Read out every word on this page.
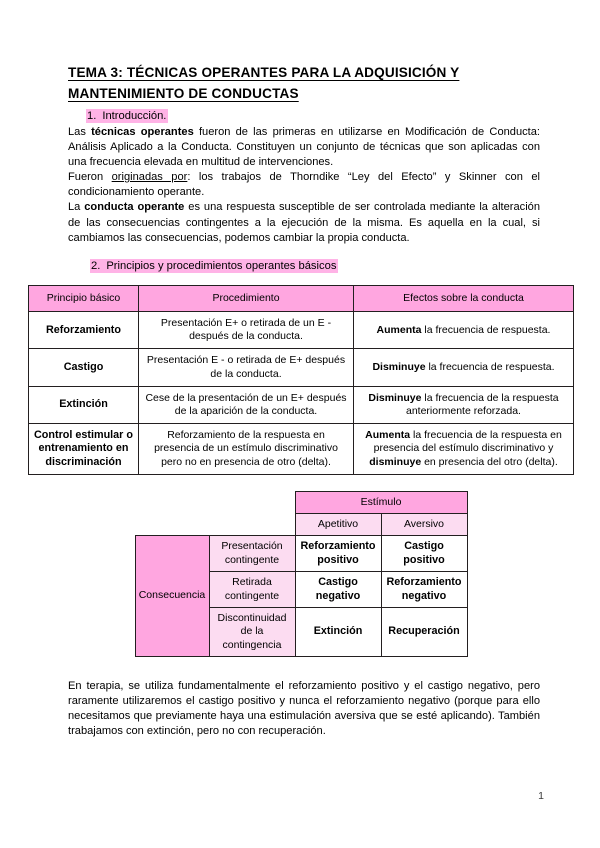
TEMA 3: TÉCNICAS OPERANTES PARA LA ADQUISICIÓN Y
MANTENIMIENTO DE CONDUCTAS
1. Introducción.

Las técnicas operantes fueron de las primeras en utilizarse en Modificación de Conducta: Análisis Aplicado a la Conducta. Constituyen un conjunto de técnicas que son aplicadas con una frecuencia elevada en multitud de intervenciones.

Fueron originadas por: los trabajos de Thorndike “Ley del Efecto” y Skinner con el condicionamiento operante.

La conducta operante es una respuesta susceptible de ser controlada mediante la alteración de las consecuencias contingentes a la ejecución de la misma. Es aquella en la cual, si cambiamos las consecuencias, podemos cambiar la propia conducta.

2. Principios y procedimientos operantes básicos
Principio básico	Procedimiento	Efectos sobre la conducta
Reforzamiento	Presentación E+ o retirada de un E - después de la conducta.	Aumenta la frecuencia de respuesta.
Castigo	Presentación E - o retirada de E+ después de la conducta.	Disminuye la frecuencia de respuesta.
Extinción	Cese de la presentación de un E+ después de la aparición de la conducta.	Disminuye la frecuencia de la respuesta anteriormente reforzada.
Control estimular o entrenamiento en discriminación	Reforzamiento de la respuesta en presencia de un estímulo discriminativo pero no en presencia de otro (delta).	Aumenta la frecuencia de la respuesta en presencia del estímulo discriminativo y disminuye en presencia del otro (delta).
		Estímulo	
		Apetitivo	Aversivo
Consecuencia	Presentación contingente	Reforzamiento positivo	Castigo positivo
	Retirada contingente	Castigo negativo	Reforzamiento negativo
	Discontinuidad de la contingencia	Extinción	Recuperación

En terapia, se utiliza fundamentalmente el reforzamiento positivo y el castigo negativo, pero raramente utilizaremos el castigo positivo y nunca el reforzamiento negativo (porque para ello necesitamos que previamente haya una estimulación aversiva que se esté aplicando). También trabajamos con extinción, pero no con recuperación.

1
